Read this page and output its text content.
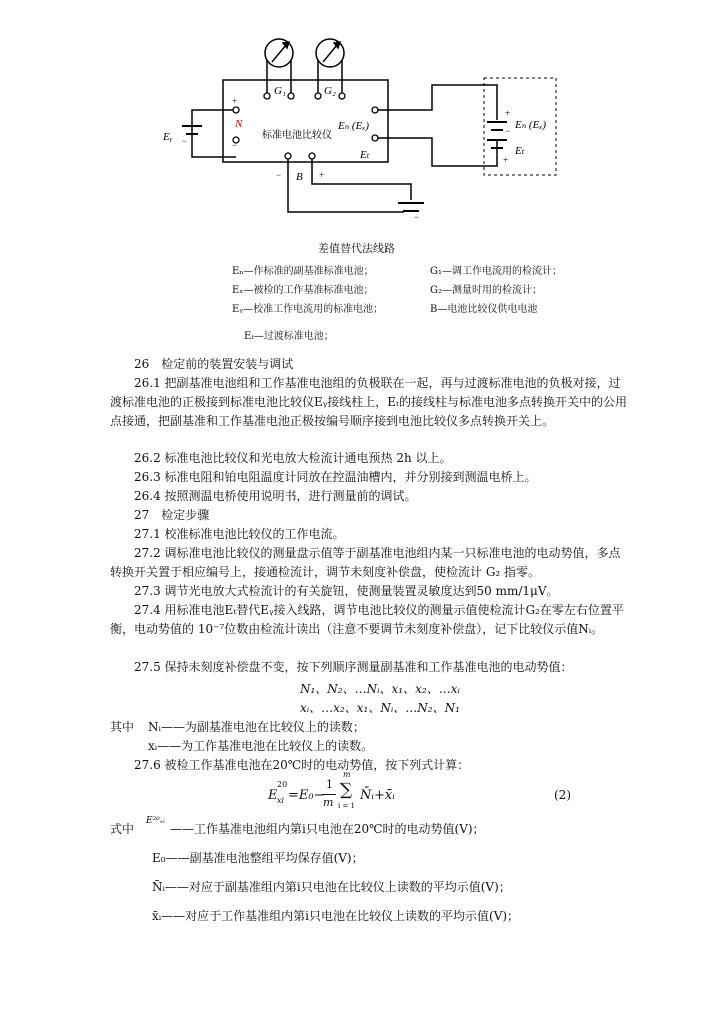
G₁	G₂
+
N
−
Eᵧ −	标准电池比较仪
Eₙ (Eₓ)
Eₜ
− B +
+
− Eₙ (Eₓ)
Eₜ
+
−
差值替代法线路
Eₙ—作标准的副基准标准电池；	G₁—调工作电流用的检流计；
Eₓ—被检的工作基准标准电池；	G₂—测量时用的检流计；
Eᵧ—校准工作电流用的标准电池；	B—电池比较仪供电电池
Eₜ—过渡标准电池；
26　检定前的装置安装与调试
26.1 把副基准电池组和工作基准电池组的负极联在一起，再与过渡标准电池的负极对接，过渡标准电池的正极接到标准电池比较仪Eᵧ接线柱上，Eₜ的接线柱与标准电池多点转换开关中的公用点接通，把副基准和工作基准电池正极按编号顺序接到电池比较仪多点转换开关上。
26.2 标准电池比较仪和光电放大检流计通电预热 2h 以上。
26.3 标准电阻和铂电阻温度计同放在控温油槽内，并分别接到测温电桥上。
26.4 按照测温电桥使用说明书，进行测量前的调试。
27　检定步骤
27.1 校准标准电池比较仪的工作电流。
27.2 调标准电池比较仪的测量盘示值等于副基准电池组内某一只标准电池的电动势值，多点转换开关置于相应编号上，接通检流计，调节未刻度补偿盘，使检流计 G₂ 指零。
27.3 调节光电放大式检流计的有关旋钮，使测量装置灵敏度达到50 mm/1μV。
27.4 用标准电池Eₜ替代Eᵧ接入线路，调节电池比较仪的测量示值使检流计G₂在零左右位置平衡，电动势值的 10⁻⁷位数由检流计读出（注意不要调节未刻度补偿盘），记下比较仪示值Nᵢ。
27.5 保持未刻度补偿盘不变，按下列顺序测量副基准和工作基准电池的电动势值：
N₁、N₂、…Nᵢ、x₁、x₂、…xᵢ
xᵢ、…x₂、x₁、Nᵢ、…N₂、N₁
其中 Nᵢ——为副基准电池在比较仪上的读数；
xᵢ——为工作基准电池在比较仪上的读数。
27.6 被检工作基准电池在20℃时的电动势值，按下列式计算：
E
20
xi =E₀−
1
m
m
∑
i = 1
N̄ᵢ+x̄ᵢ	(2)
式中
E²⁰ₓᵢ
——工作基准电池组内第i只电池在20℃时的电动势值(V)；
E₀——副基准电池整组平均保存值(V)；
N̄ᵢ——对应于副基准组内第i只电池在比较仪上读数的平均示值(V)；
x̄ᵢ——对应于工作基准组内第i只电池在比较仪上读数的平均示值(V)；
